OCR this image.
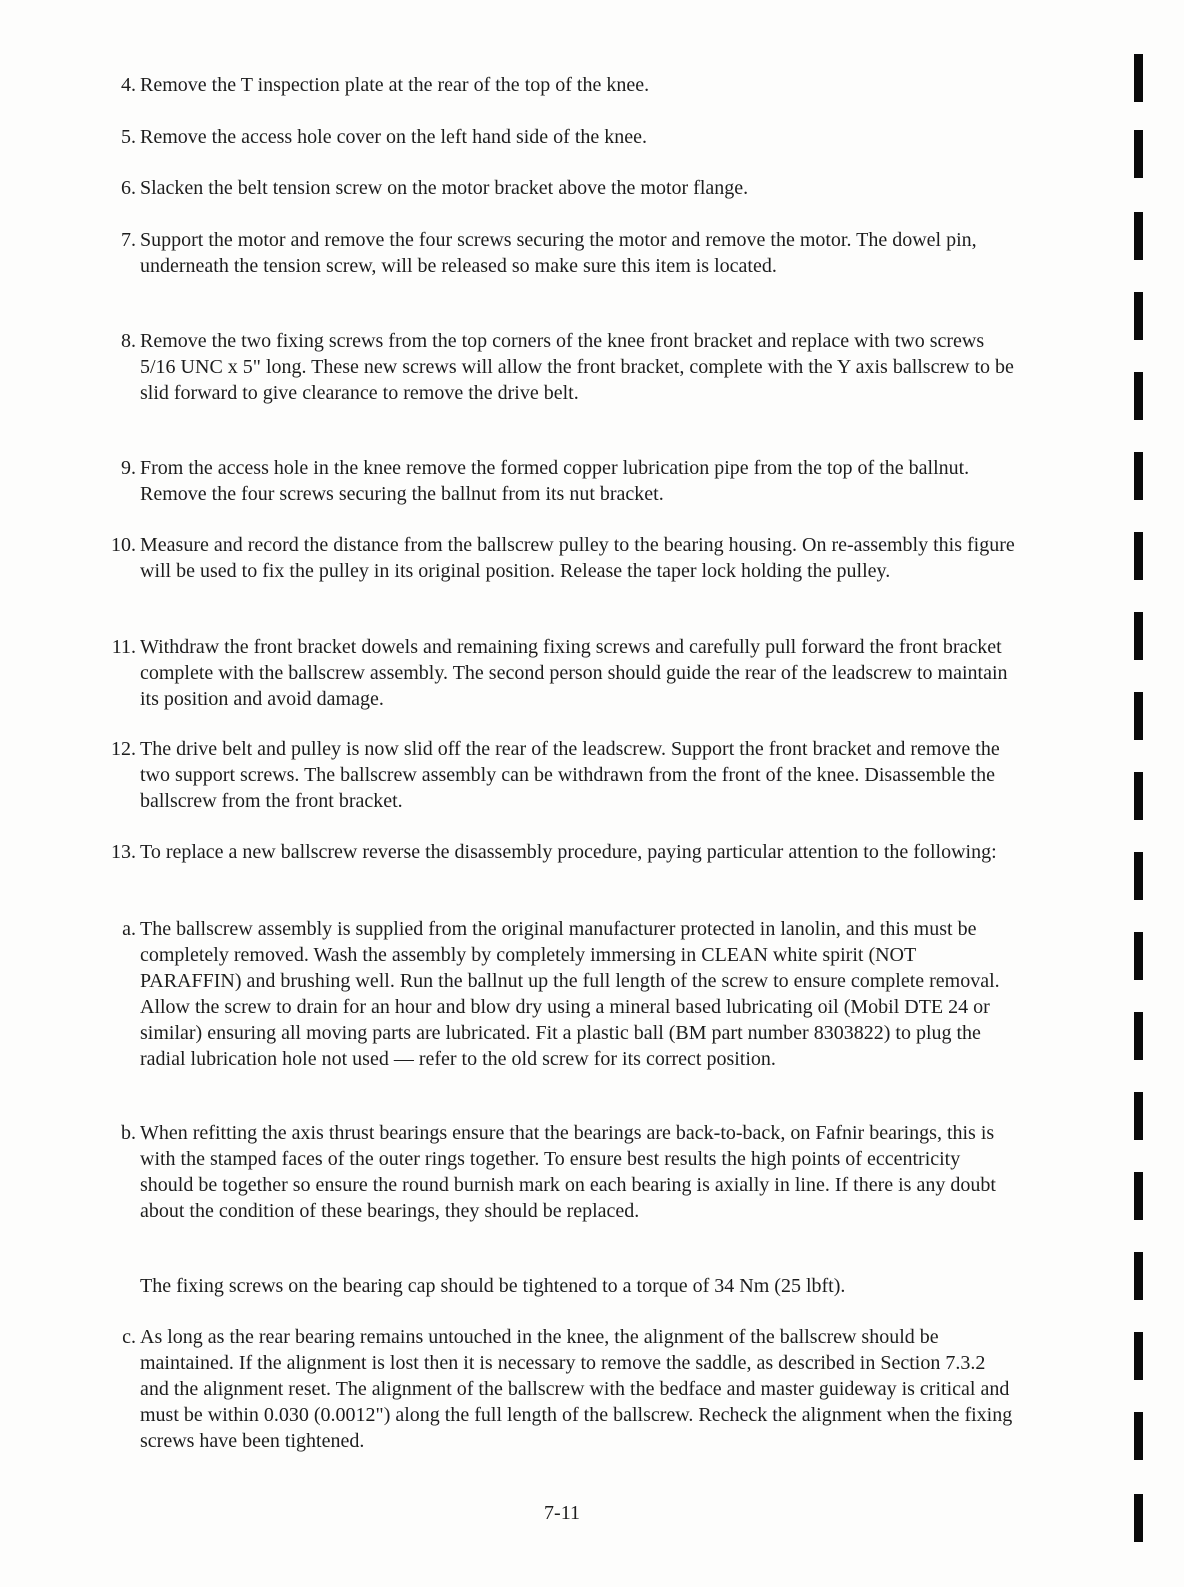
4. Remove the T inspection plate at the rear of the top of the knee.
5. Remove the access hole cover on the left hand side of the knee.
6. Slacken the belt tension screw on the motor bracket above the motor flange.
7. Support the motor and remove the four screws securing the motor and remove the motor. The dowel pin, underneath the tension screw, will be released so make sure this item is located.
8. Remove the two fixing screws from the top corners of the knee front bracket and replace with two screws 5/16 UNC x 5" long. These new screws will allow the front bracket, complete with the Y axis ballscrew to be slid forward to give clearance to remove the drive belt.
9. From the access hole in the knee remove the formed copper lubrication pipe from the top of the ballnut. Remove the four screws securing the ballnut from its nut bracket.
10. Measure and record the distance from the ballscrew pulley to the bearing housing. On re-assembly this figure will be used to fix the pulley in its original position. Release the taper lock holding the pulley.
11. Withdraw the front bracket dowels and remaining fixing screws and carefully pull forward the front bracket complete with the ballscrew assembly. The second person should guide the rear of the leadscrew to maintain its position and avoid damage.
12. The drive belt and pulley is now slid off the rear of the leadscrew. Support the front bracket and remove the two support screws. The ballscrew assembly can be withdrawn from the front of the knee. Disassemble the ballscrew from the front bracket.
13. To replace a new ballscrew reverse the disassembly procedure, paying particular attention to the following:
a. The ballscrew assembly is supplied from the original manufacturer protected in lanolin, and this must be completely removed. Wash the assembly by completely immersing in CLEAN white spirit (NOT PARAFFIN) and brushing well. Run the ballnut up the full length of the screw to ensure complete removal. Allow the screw to drain for an hour and blow dry using a mineral based lubricating oil (Mobil DTE 24 or similar) ensuring all moving parts are lubricated. Fit a plastic ball (BM part number 8303822) to plug the radial lubrication hole not used — refer to the old screw for its correct position.
b. When refitting the axis thrust bearings ensure that the bearings are back-to-back, on Fafnir bearings, this is with the stamped faces of the outer rings together. To ensure best results the high points of eccentricity should be together so ensure the round burnish mark on each bearing is axially in line. If there is any doubt about the condition of these bearings, they should be replaced.
The fixing screws on the bearing cap should be tightened to a torque of 34 Nm (25 lbft).
c. As long as the rear bearing remains untouched in the knee, the alignment of the ballscrew should be maintained. If the alignment is lost then it is necessary to remove the saddle, as described in Section 7.3.2 and the alignment reset. The alignment of the ballscrew with the bedface and master guideway is critical and must be within 0.030 (0.0012") along the full length of the ballscrew. Recheck the alignment when the fixing screws have been tightened.
7-11
